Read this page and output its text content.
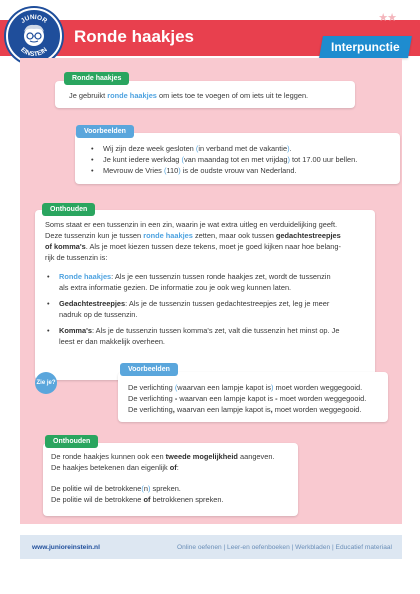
JUNIOR
EINSTEIN
Ronde haakjes
★★
Interpunctie
Je gebruikt ronde haakjes om iets toe te voegen of om iets uit te leggen.
Ronde haakjes
• Wij zijn deze week gesloten (in verband met de vakantie).
• Je kunt iedere werkdag (van maandag tot en met vrijdag) tot 17.00 uur bellen.
• Mevrouw de Vries (110) is de oudste vrouw van Nederland.
Voorbeelden
Soms staat er een tussenzin in een zin, waarin je wat extra uitleg en verduidelijking geeft.
Deze tussenzin kun je tussen ronde haakjes zetten, maar ook tussen gedachtestreepjes
of komma's. Als je moet kiezen tussen deze tekens, moet je goed kijken naar hoe belang-
rijk de tussenzin is:
• Ronde haakjes: Als je een tussenzin tussen ronde haakjes zet, wordt de tussenzin als extra informatie gezien. De informatie zou je ook weg kunnen laten.
• Gedachtestreepjes: Als je de tussenzin tussen gedachtestreepjes zet, leg je meer nadruk op de tussenzin.
• Komma's: Als je de tussenzin tussen komma's zet, valt die tussenzin het minst op. Je leest er dan makkelijk overheen.
Onthouden
Zie je?	De verlichting (waarvan een lampje kapot is) moet worden weggegooid.
De verlichting - waarvan een lampje kapot is - moet worden weggegooid.
De verlichting, waarvan een lampje kapot is, moet worden weggegooid.
Voorbeelden
De ronde haakjes kunnen ook een tweede mogelijkheid aangeven.
De haakjes betekenen dan eigenlijk of:
De politie wil de betrokkene(n) spreken.
De politie wil de betrokkene of betrokkenen spreken.
Onthouden
www.junioreinstein.nl	Online oefenen | Leer-en oefenboeken | Werkbladen | Educatief materiaal
